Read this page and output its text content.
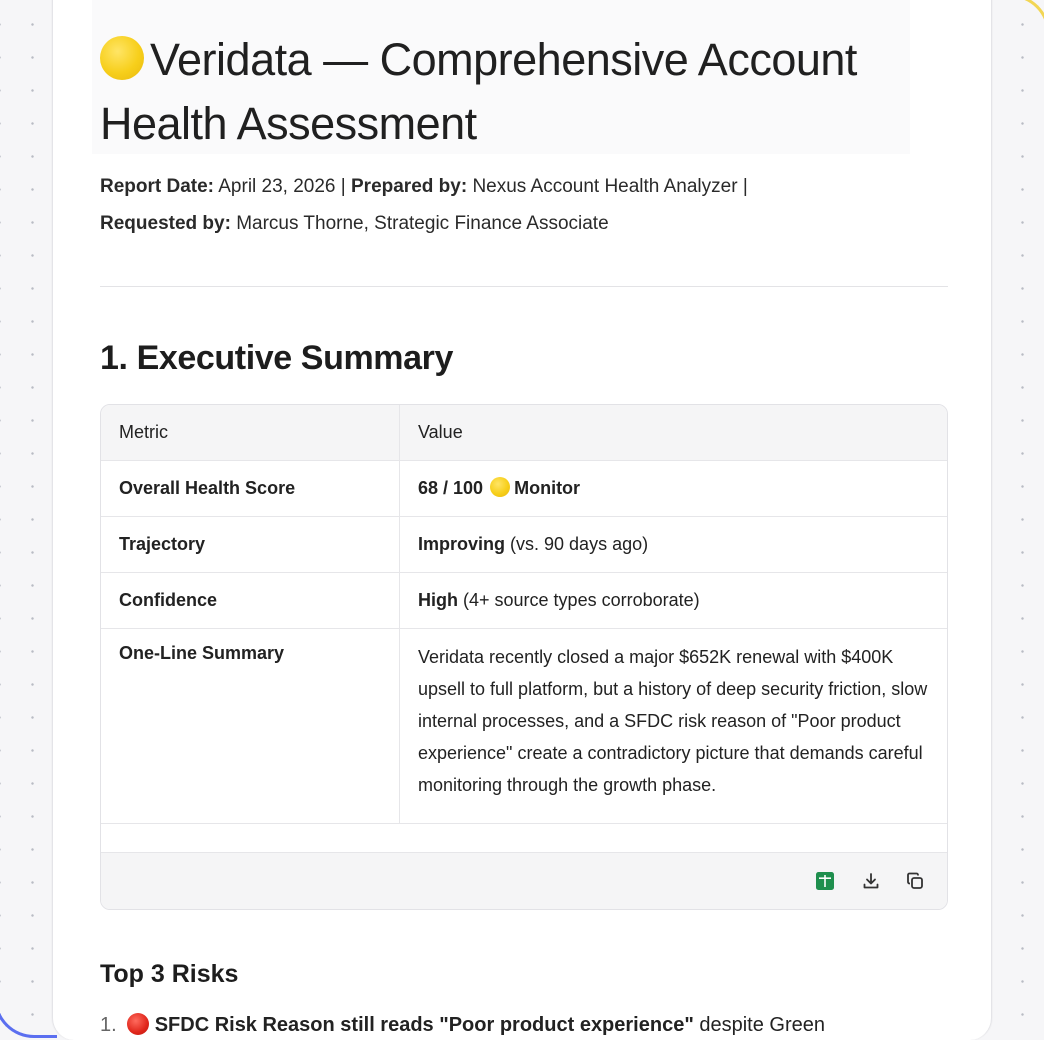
Veridata — Comprehensive Account Health Assessment
Report Date: April 23, 2026 | Prepared by: Nexus Account Health Analyzer |
Requested by: Marcus Thorne, Strategic Finance Associate
1. Executive Summary
Metric	Value
Overall Health Score	68 / 100 Monitor
Trajectory	Improving (vs. 90 days ago)
Confidence	High (4+ source types corroborate)
One-Line Summary	Veridata recently closed a major $652K renewal with $400K upsell to full platform, but a history of deep security friction, slow internal processes, and a SFDC risk reason of "Poor product experience" create a contradictory picture that demands careful monitoring through the growth phase.
Top 3 Risks
1. SFDC Risk Reason still reads "Poor product experience" despite Green
